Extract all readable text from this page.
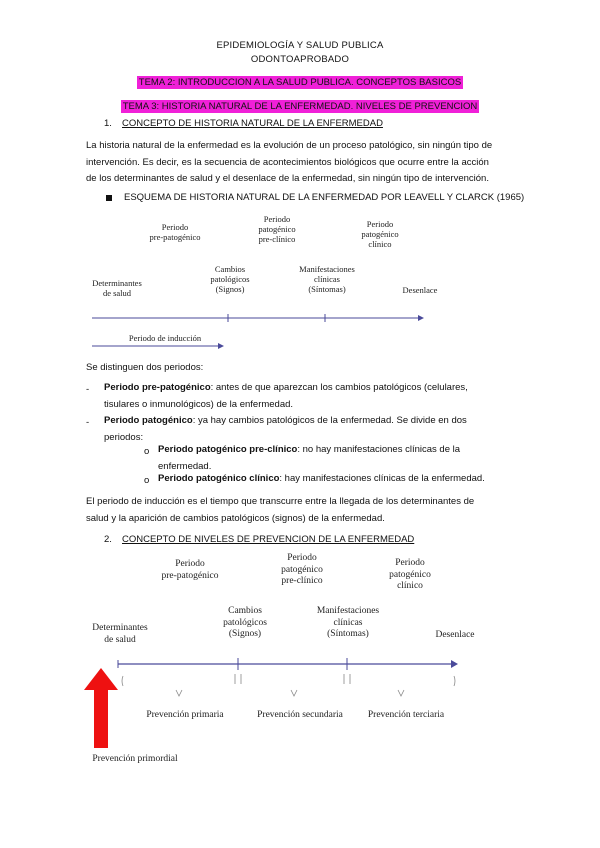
EPIDEMIOLOGÍA Y SALUD PUBLICA
ODONTOAPROBADO
TEMA 2: INTRODUCCION A LA SALUD PUBLICA. CONCEPTOS BASICOS
TEMA 3: HISTORIA NATURAL DE LA ENFERMEDAD. NIVELES DE PREVENCION
1. CONCEPTO DE HISTORIA NATURAL DE LA ENFERMEDAD
La historia natural de la enfermedad es la evolución de un proceso patológico, sin ningún tipo de
intervención. Es decir, es la secuencia de acontecimientos biológicos que ocurre entre la acción
de los determinantes de salud y el desenlace de la enfermedad, sin ningún tipo de intervención.
ESQUEMA DE HISTORIA NATURAL DE LA ENFERMEDAD POR LEAVELL Y CLARCK (1965)
Periodo
pre-patogénico
Periodo
patogénico
pre-clínico
Periodo
patogénico
clínico
Determinantes
de salud
Cambios
patológicos
(Signos)
Manifestaciones
clínicas
(Síntomas)	Desenlace
Periodo de inducción
Se distinguen dos periodos:
- Periodo pre-patogénico: antes de que aparezcan los cambios patológicos (celulares,
tisulares o inmunológicos) de la enfermedad.
- Periodo patogénico: ya hay cambios patológicos de la enfermedad. Se divide en dos
periodos:
o Periodo patogénico pre-clínico: no hay manifestaciones clínicas de la
enfermedad.
o Periodo patogénico clínico: hay manifestaciones clínicas de la enfermedad.
El periodo de inducción es el tiempo que transcurre entre la llegada de los determinantes de
salud y la aparición de cambios patológicos (signos) de la enfermedad.
2. CONCEPTO DE NIVELES DE PREVENCION DE LA ENFERMEDAD
Periodo
pre-patogénico
Periodo
patogénico
pre-clínico
Periodo
patogénico
clínico
Determinantes
de salud
Cambios
patológicos
(Signos)
Manifestaciones
clínicas
(Síntomas)	Desenlace
Prevención primaria	Prevención secundaria	Prevención terciaria
Prevención primordial
